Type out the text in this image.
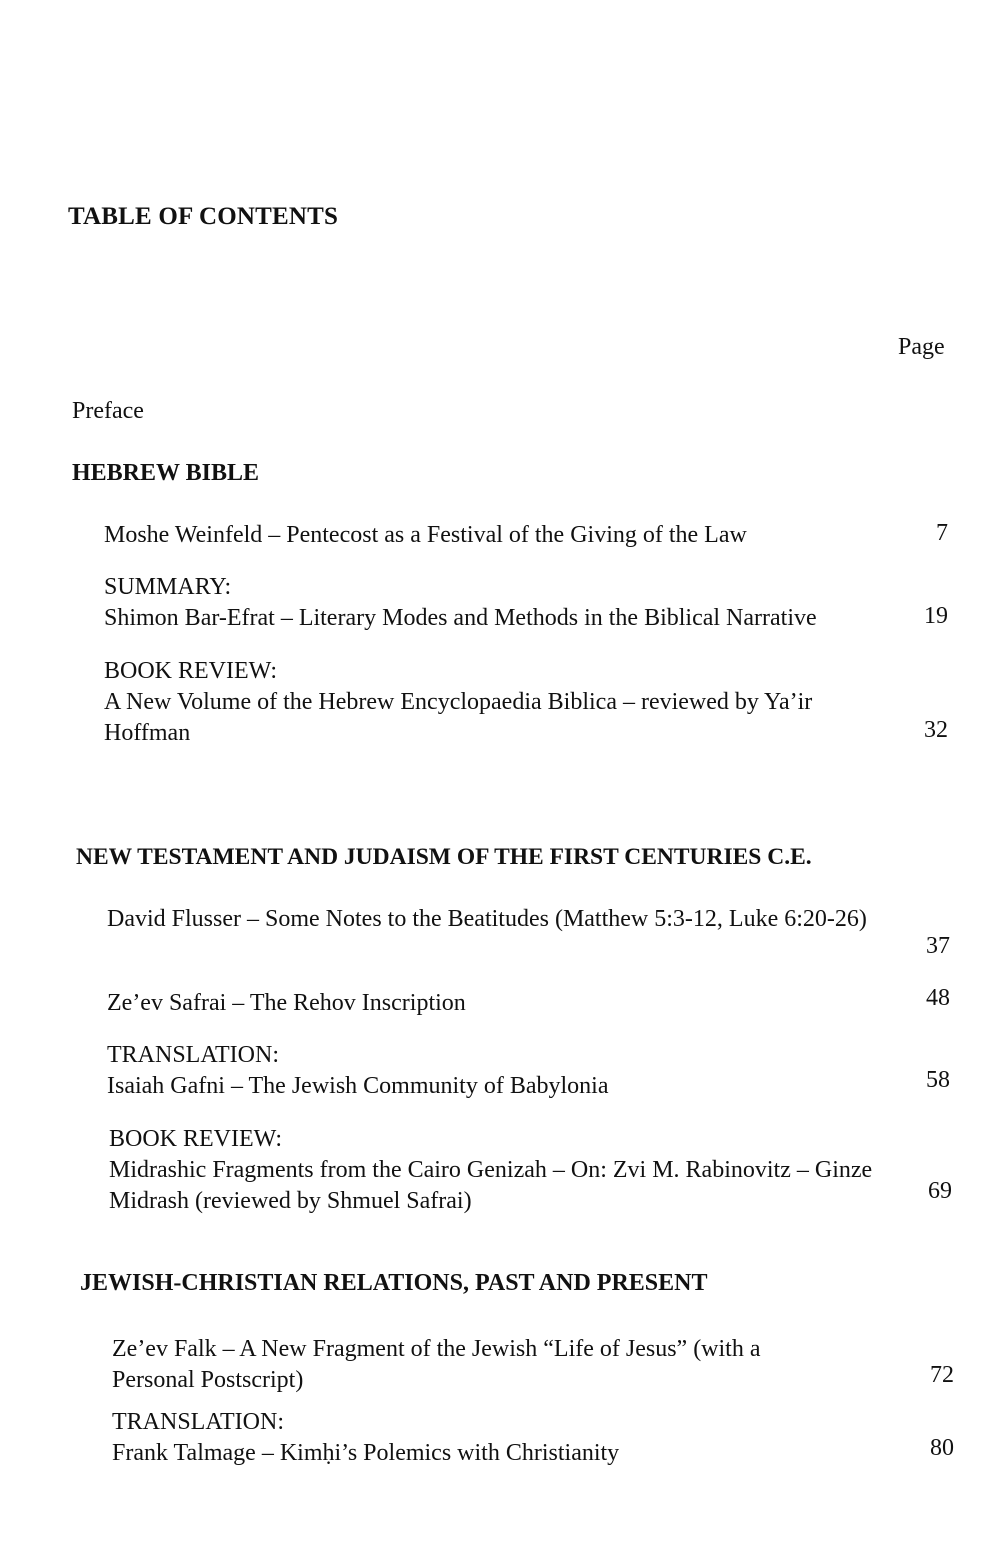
TABLE OF CONTENTS
Page
Preface
HEBREW BIBLE
Moshe Weinfeld – Pentecost as a Festival of the Giving of the Law	7
SUMMARY:
Shimon Bar-Efrat – Literary Modes and Methods in the Biblical Narrative	19
BOOK REVIEW:
A New Volume of the Hebrew Encyclopaedia Biblica – reviewed by Ya’ir Hoffman	32
NEW TESTAMENT AND JUDAISM OF THE FIRST CENTURIES C.E.
David Flusser – Some Notes to the Beatitudes (Matthew 5:3-12, Luke 6:20-26)
37
Ze’ev Safrai – The Rehov Inscription	48
TRANSLATION:
Isaiah Gafni – The Jewish Community of Babylonia	58
BOOK REVIEW:
Midrashic Fragments from the Cairo Genizah – On: Zvi M. Rabinovitz – Ginze Midrash (reviewed by Shmuel Safrai)	69
JEWISH-CHRISTIAN RELATIONS, PAST AND PRESENT
Ze’ev Falk – A New Fragment of the Jewish “Life of Jesus” (with a Personal Postscript)	72
TRANSLATION:
Frank Talmage – Kimḥi’s Polemics with Christianity	80
